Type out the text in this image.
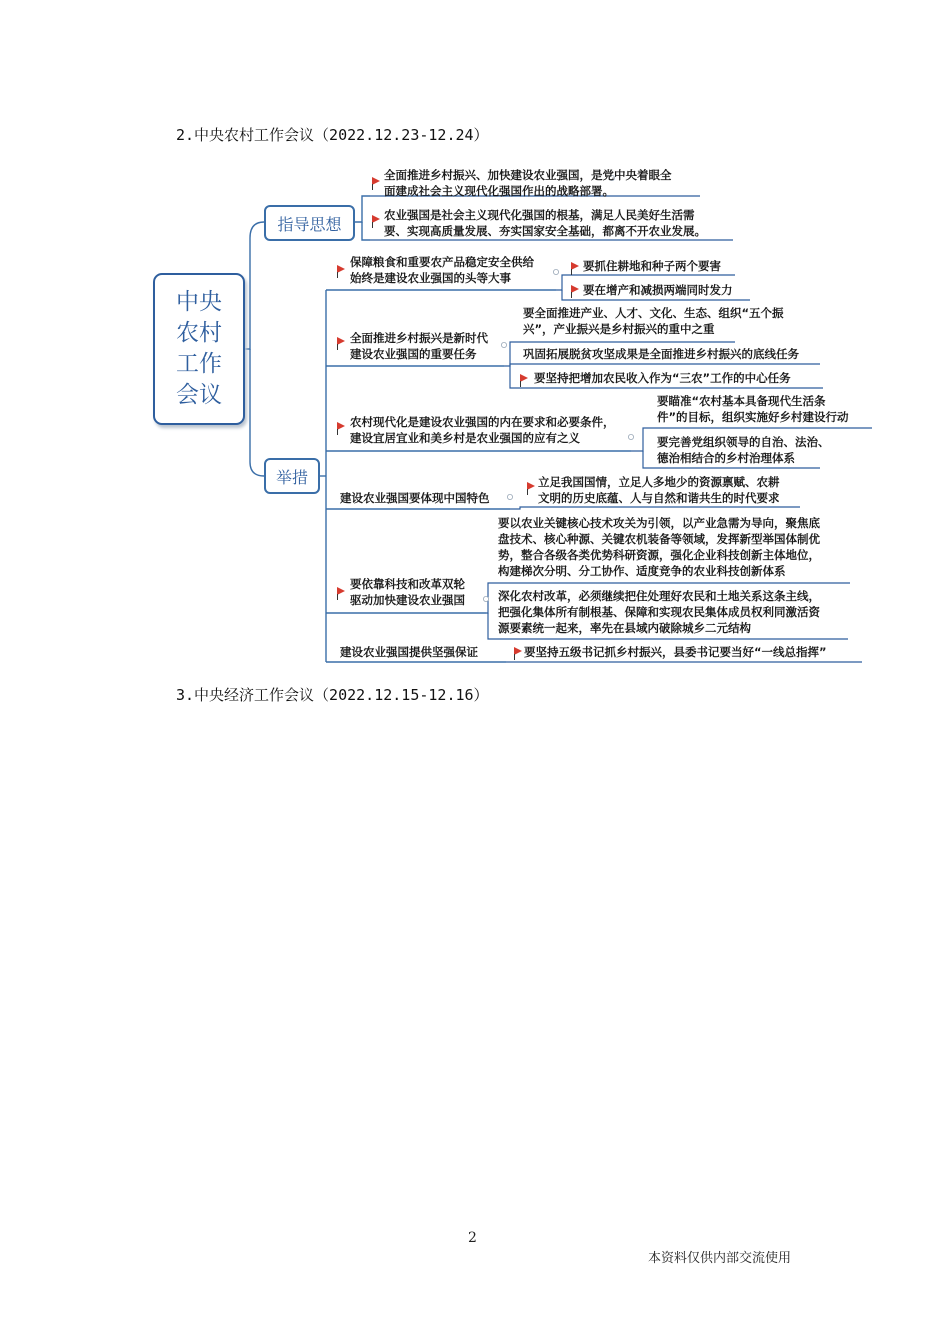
2.中央农村工作会议（2022.12.23-12.24）
中央农村工作会议
指导思想
举措
全面推进乡村振兴、加快建设农业强国，是党中央着眼全
面建成社会主义现代化强国作出的战略部署。
农业强国是社会主义现代化强国的根基，满足人民美好生活需
要、实现高质量发展、夯实国家安全基础，都离不开农业发展。
保障粮食和重要农产品稳定安全供给
始终是建设农业强国的头等大事
要抓住耕地和种子两个要害
要在增产和减损两端同时发力
全面推进乡村振兴是新时代
建设农业强国的重要任务
要全面推进产业、人才、文化、生态、组织“五个振
兴”，产业振兴是乡村振兴的重中之重
巩固拓展脱贫攻坚成果是全面推进乡村振兴的底线任务
要坚持把增加农民收入作为“三农”工作的中心任务
农村现代化是建设农业强国的内在要求和必要条件，
建设宜居宜业和美乡村是农业强国的应有之义
要瞄准“农村基本具备现代生活条
件”的目标，组织实施好乡村建设行动
要完善党组织领导的自治、法治、
德治相结合的乡村治理体系
建设农业强国要体现中国特色
立足我国国情，立足人多地少的资源禀赋、农耕
文明的历史底蕴、人与自然和谐共生的时代要求
要依靠科技和改革双轮
驱动加快建设农业强国
要以农业关键核心技术攻关为引领，以产业急需为导向，聚焦底
盘技术、核心种源、关键农机装备等领域，发挥新型举国体制优
势，整合各级各类优势科研资源，强化企业科技创新主体地位，
构建梯次分明、分工协作、适度竞争的农业科技创新体系
深化农村改革，必须继续把住处理好农民和土地关系这条主线，
把强化集体所有制根基、保障和实现农民集体成员权利同激活资
源要素统一起来，率先在县域内破除城乡二元结构
建设农业强国提供坚强保证	要坚持五级书记抓乡村振兴，县委书记要当好“一线总指挥”
3.中央经济工作会议（2022.12.15-12.16）
2
本资料仅供内部交流使用
